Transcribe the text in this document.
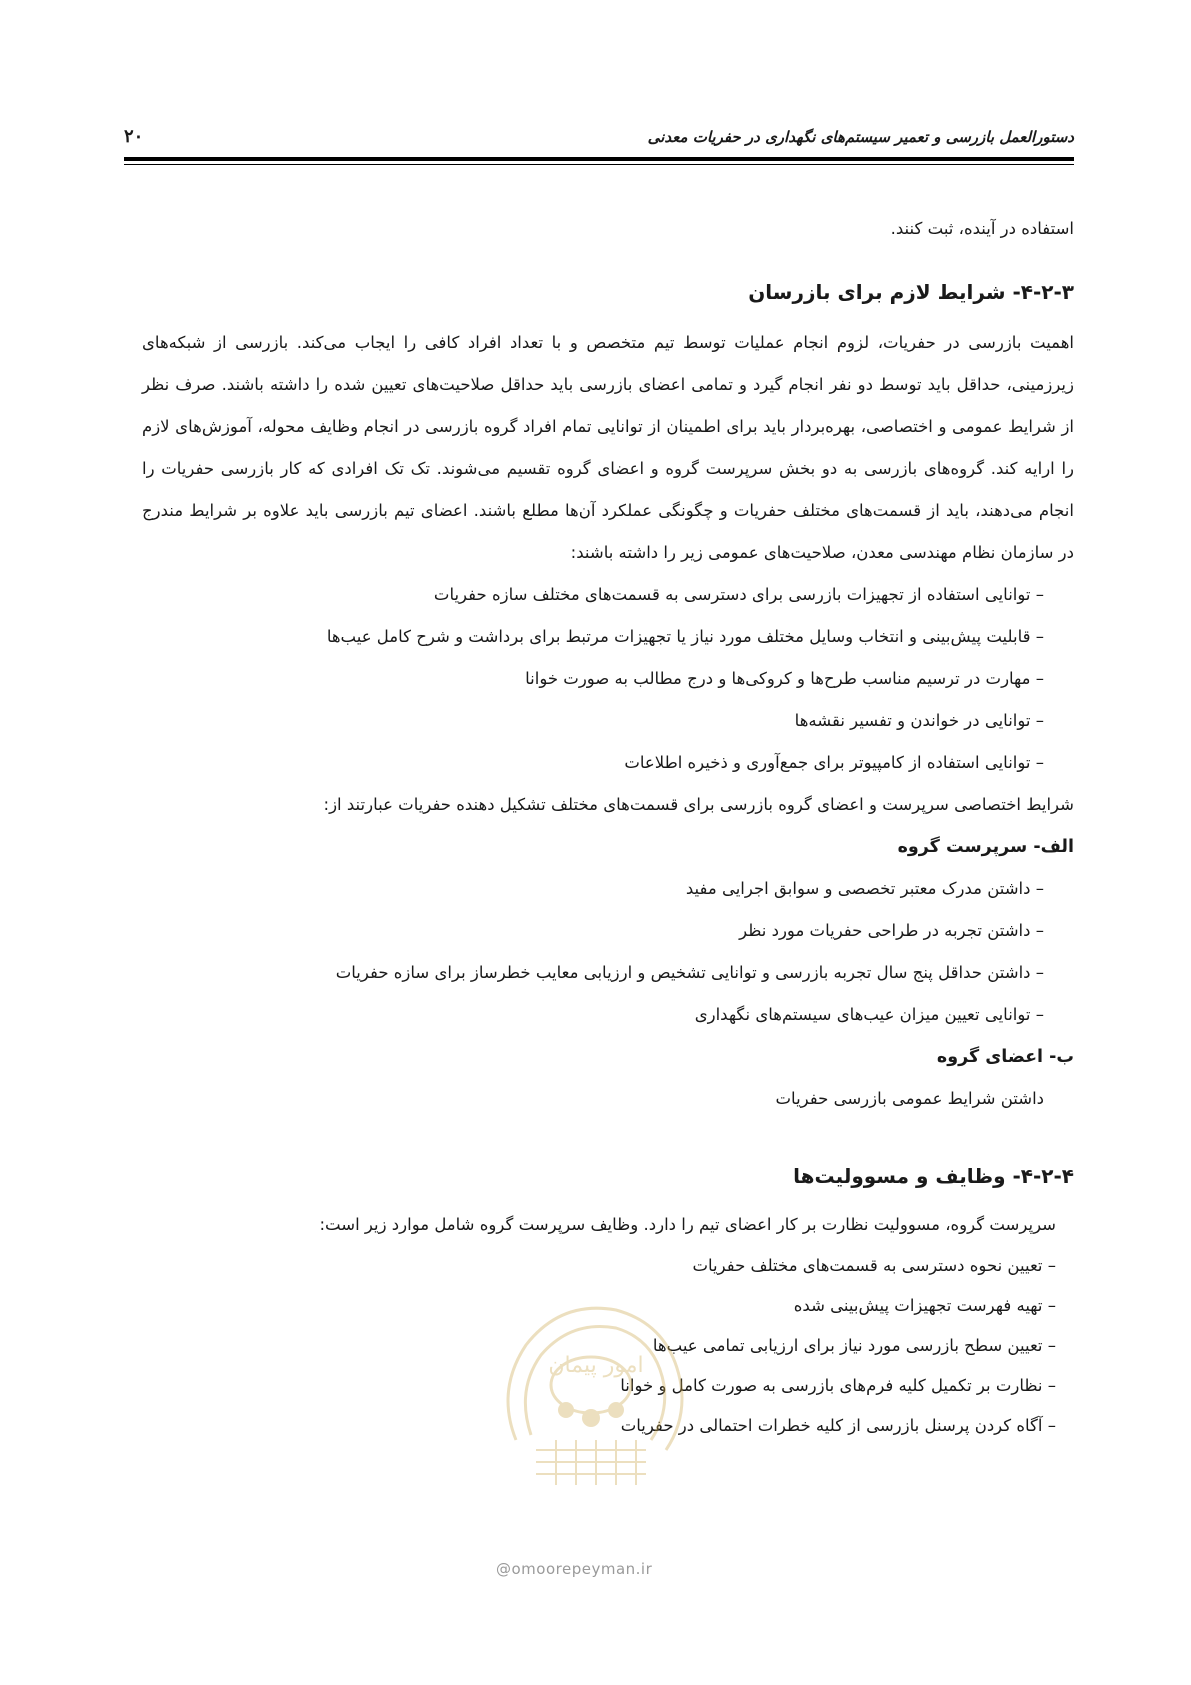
۲۰	دستورالعمل بازرسی و تعمیر سیستم‌های نگهداری در حفریات معدنی
استفاده در آینده، ثبت کنند.
۴-۲-۳- شرایط لازم برای بازرسان
اهمیت بازرسی در حفریات، لزوم انجام عملیات توسط تیم متخصص و با تعداد افراد کافی را ایجاب می‌کند. بازرسی از شبکه‌های زیرزمینی، حداقل باید توسط دو نفر انجام گیرد و تمامی اعضای بازرسی باید حداقل صلاحیت‌های تعیین شده را داشته باشند. صرف نظر از شرایط عمومی و اختصاصی، بهره‌بردار باید برای اطمینان از توانایی تمام افراد گروه بازرسی در انجام وظایف محوله، آموزش‌های لازم را ارایه کند. گروه‌های بازرسی به دو بخش سرپرست گروه و اعضای گروه تقسیم می‌شوند. تک تک افرادی که کار بازرسی حفریات را انجام می‌دهند، باید از قسمت‌های مختلف حفریات و چگونگی عملکرد آن‌ها مطلع باشند. اعضای تیم بازرسی باید علاوه بر شرایط مندرج در سازمان نظام مهندسی معدن، صلاحیت‌های عمومی زیر را داشته باشند:
– توانایی استفاده از تجهیزات بازرسی برای دسترسی به قسمت‌های مختلف سازه حفریات
– قابلیت پیش‌بینی و انتخاب وسایل مختلف مورد نیاز یا تجهیزات مرتبط برای برداشت و شرح کامل عیب‌ها
– مهارت در ترسیم مناسب طرح‌ها و کروکی‌ها و درج مطالب به صورت خوانا
– توانایی در خواندن و تفسیر نقشه‌ها
– توانایی استفاده از کامپیوتر برای جمع‌آوری و ذخیره اطلاعات
شرایط اختصاصی سرپرست و اعضای گروه بازرسی برای قسمت‌های مختلف تشکیل دهنده حفریات عبارتند از:
الف- سرپرست گروه
– داشتن مدرک معتبر تخصصی و سوابق اجرایی مفید
– داشتن تجربه در طراحی حفریات مورد نظر
– داشتن حداقل پنج سال تجربه بازرسی و توانایی تشخیص و ارزیابی معایب خطرساز برای سازه حفریات
– توانایی تعیین میزان عیب‌های سیستم‌های نگهداری
ب- اعضای گروه
داشتن شرایط عمومی بازرسی حفریات
۴-۲-۴- وظایف و مسوولیت‌ها
سرپرست گروه، مسوولیت نظارت بر کار اعضای تیم را دارد. وظایف سرپرست گروه شامل موارد زیر است:
– تعیین نحوه دسترسی به قسمت‌های مختلف حفریات
– تهیه فهرست تجهیزات پیش‌بینی شده
– تعیین سطح بازرسی مورد نیاز برای ارزیابی تمامی عیب‌ها
– نظارت بر تکمیل کلیه فرم‌های بازرسی به صورت کامل و خوانا
– آگاه کردن پرسنل بازرسی از کلیه خطرات احتمالی در حفریات
امور پیمان
@omoorepeyman.ir
